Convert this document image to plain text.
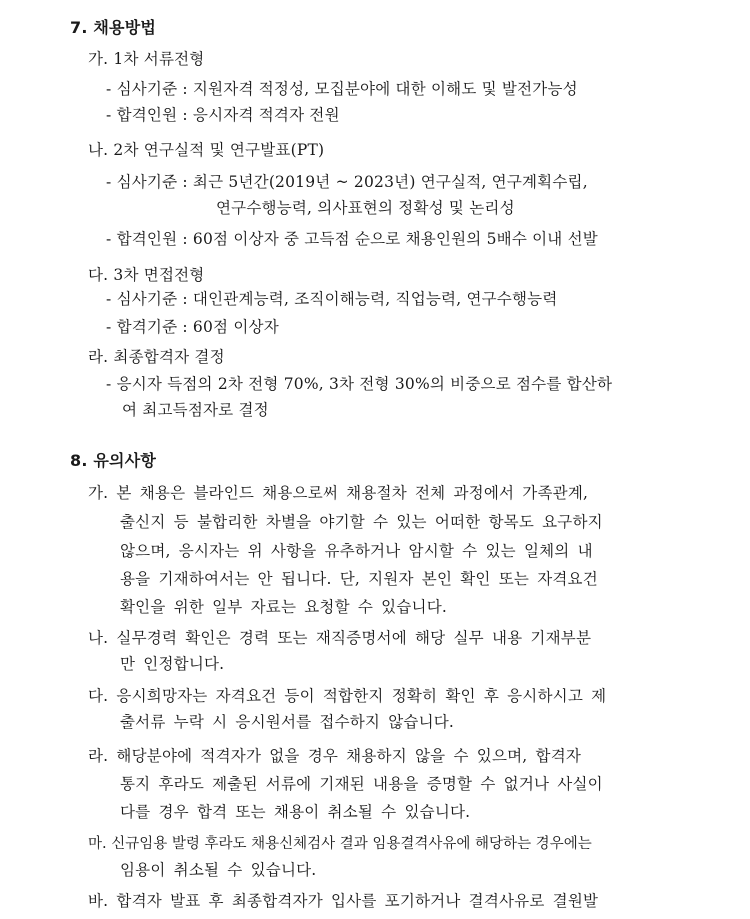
7. 채용방법
가. 1차 서류전형
- 심사기준 : 지원자격 적정성, 모집분야에 대한 이해도 및 발전가능성
- 합격인원 : 응시자격 적격자 전원
나. 2차 연구실적 및 연구발표(PT)
- 심사기준 : 최근 5년간(2019년 ~ 2023년) 연구실적, 연구계획수립,
연구수행능력, 의사표현의 정확성 및 논리성
- 합격인원 : 60점 이상자 중 고득점 순으로 채용인원의 5배수 이내 선발
다. 3차 면접전형
- 심사기준 : 대인관계능력, 조직이해능력, 직업능력, 연구수행능력
- 합격기준 : 60점 이상자
라. 최종합격자 결정
- 응시자 득점의 2차 전형 70%, 3차 전형 30%의 비중으로 점수를 합산하
여 최고득점자로 결정
8. 유의사항
가. 본 채용은 블라인드 채용으로써 채용절차 전체 과정에서 가족관계,
출신지 등 불합리한 차별을 야기할 수 있는 어떠한 항목도 요구하지
않으며, 응시자는 위 사항을 유추하거나 암시할 수 있는 일체의 내
용을 기재하여서는 안 됩니다. 단, 지원자 본인 확인 또는 자격요건
확인을 위한 일부 자료는 요청할 수 있습니다.
나. 실무경력 확인은 경력 또는 재직증명서에 해당 실무 내용 기재부분
만 인정합니다.
다. 응시희망자는 자격요건 등이 적합한지 정확히 확인 후 응시하시고 제
출서류 누락 시 응시원서를 접수하지 않습니다.
라. 해당분야에 적격자가 없을 경우 채용하지 않을 수 있으며, 합격자
통지 후라도 제출된 서류에 기재된 내용을 증명할 수 없거나 사실이
다를 경우 합격 또는 채용이 취소될 수 있습니다.
마. 신규임용 발령 후라도 채용신체검사 결과 임용결격사유에 해당하는 경우에는
임용이 취소될 수 있습니다.
바. 합격자 발표 후 최종합격자가 입사를 포기하거나 결격사유로 결원발
